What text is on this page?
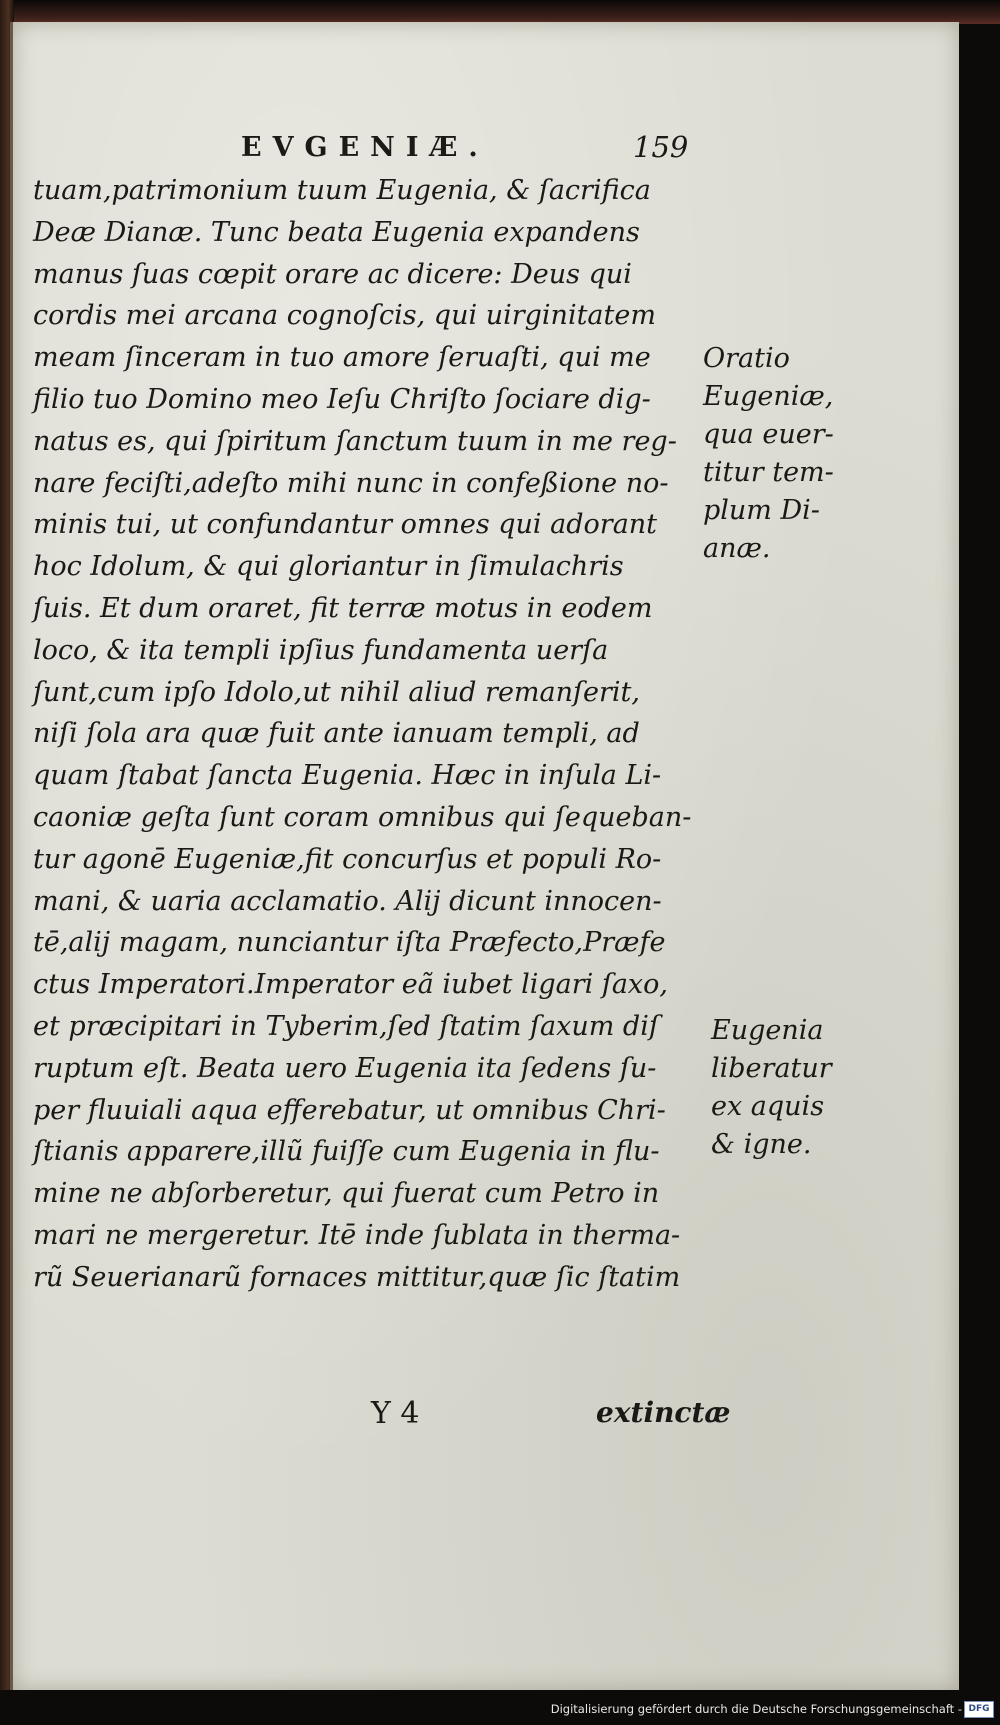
EVGENIÆ.	159
tuam,patrimonium tuum Eugenia, & ſacrifica
Deæ Dianæ. Tunc beata Eugenia expandens
manus ſuas cœpit orare ac dicere: Deus qui
cordis mei arcana cognoſcis, qui uirginitatem
meam ſinceram in tuo amore ſeruaſti, qui me
filio tuo Domino meo Ieſu Chriſto ſociare dig-
natus es, qui ſpiritum ſanctum tuum in me reg-
nare feciſti,adeſto mihi nunc in confeßione no-
minis tui, ut confundantur omnes qui adorant
hoc Idolum, & qui gloriantur in ſimulachris
ſuis. Et dum oraret, fit terræ motus in eodem
loco, & ita templi ipſius fundamenta uerſa
ſunt,cum ipſo Idolo,ut nihil aliud remanſerit,
niſi ſola ara quæ fuit ante ianuam templi, ad
quam ſtabat ſancta Eugenia. Hæc in inſula Li-
caoniæ geſta ſunt coram omnibus qui ſequeban-
tur agonē Eugeniæ,fit concurſus et populi Ro-
mani, & uaria acclamatio. Alij dicunt innocen-
tē,alij magam, nunciantur iſta Præfecto,Præfe
ctus Imperatori.Imperator eã iubet ligari ſaxo,
et præcipitari in Tyberim,ſed ſtatim ſaxum diſ
ruptum eſt. Beata uero Eugenia ita ſedens ſu-
per fluuiali aqua efferebatur, ut omnibus Chri-
ſtianis apparere,illũ fuiſſe cum Eugenia in flu-
mine ne abſorberetur, qui fuerat cum Petro in
mari ne mergeretur. Itē inde ſublata in therma-
rũ Seuerianarũ fornaces mittitur,quæ ſic ſtatim
Oratio
Eugeniæ,
qua euer-
titur tem-
plum Di-
anæ.
Eugenia
liberatur
ex aquis
& igne.
Y 4	extinctæ
Digitalisierung gefördert durch die Deutsche Forschungsgemeinschaft - DFG
